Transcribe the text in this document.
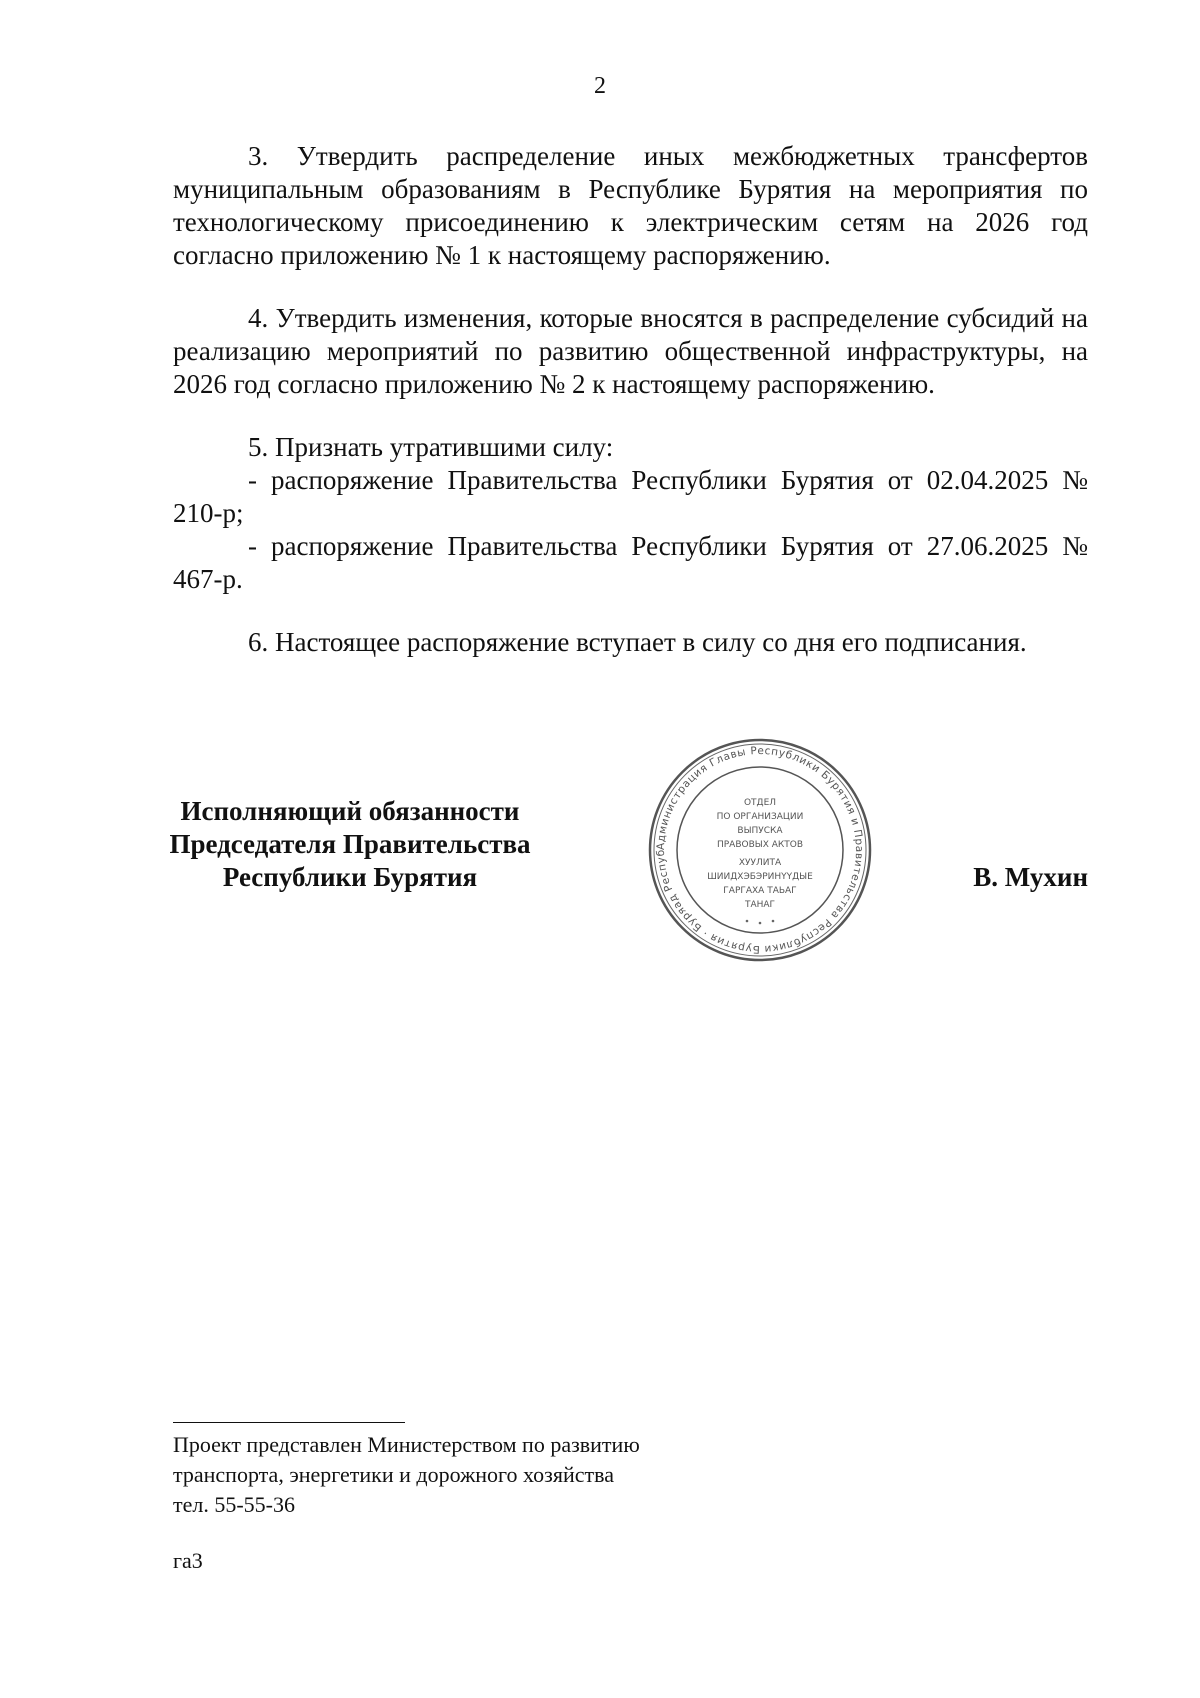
2

3. Утвердить распределение иных межбюджетных трансфертов муниципальным образованиям в Республике Бурятия на мероприятия по технологическому присоединению к электрическим сетям на 2026 год согласно приложению № 1 к настоящему распоряжению.

4. Утвердить изменения, которые вносятся в распределение субсидий на реализацию мероприятий по развитию общественной инфраструктуры, на 2026 год согласно приложению № 2 к настоящему распоряжению.

5. Признать утратившими силу:

- распоряжение Правительства Республики Бурятия от 02.04.2025 № 210-р;

- распоряжение Правительства Республики Бурятия от 27.06.2025 № 467-р.

6. Настоящее распоряжение вступает в силу со дня его подписания.

Исполняющий обязанности
Председателя Правительства
Республики Бурятия	В. Мухин
Администрация Главы Республики Бурятия и Правительства Республики Бурятия · Буряад Респуб
ОТДЕЛ
ПО ОРГАНИЗАЦИИ
ВЫПУСКА
ПРАВОВЫХ АКТОВ
ХУУЛИТА
ШИИДХЭБЭРИНҮҮДЫЕ
ГАРГАХА ТАЬАГ
ТАНАГ
Проект представлен Министерством по развитию
транспорта, энергетики и дорожного хозяйства
тел. 55-55-36
га3
